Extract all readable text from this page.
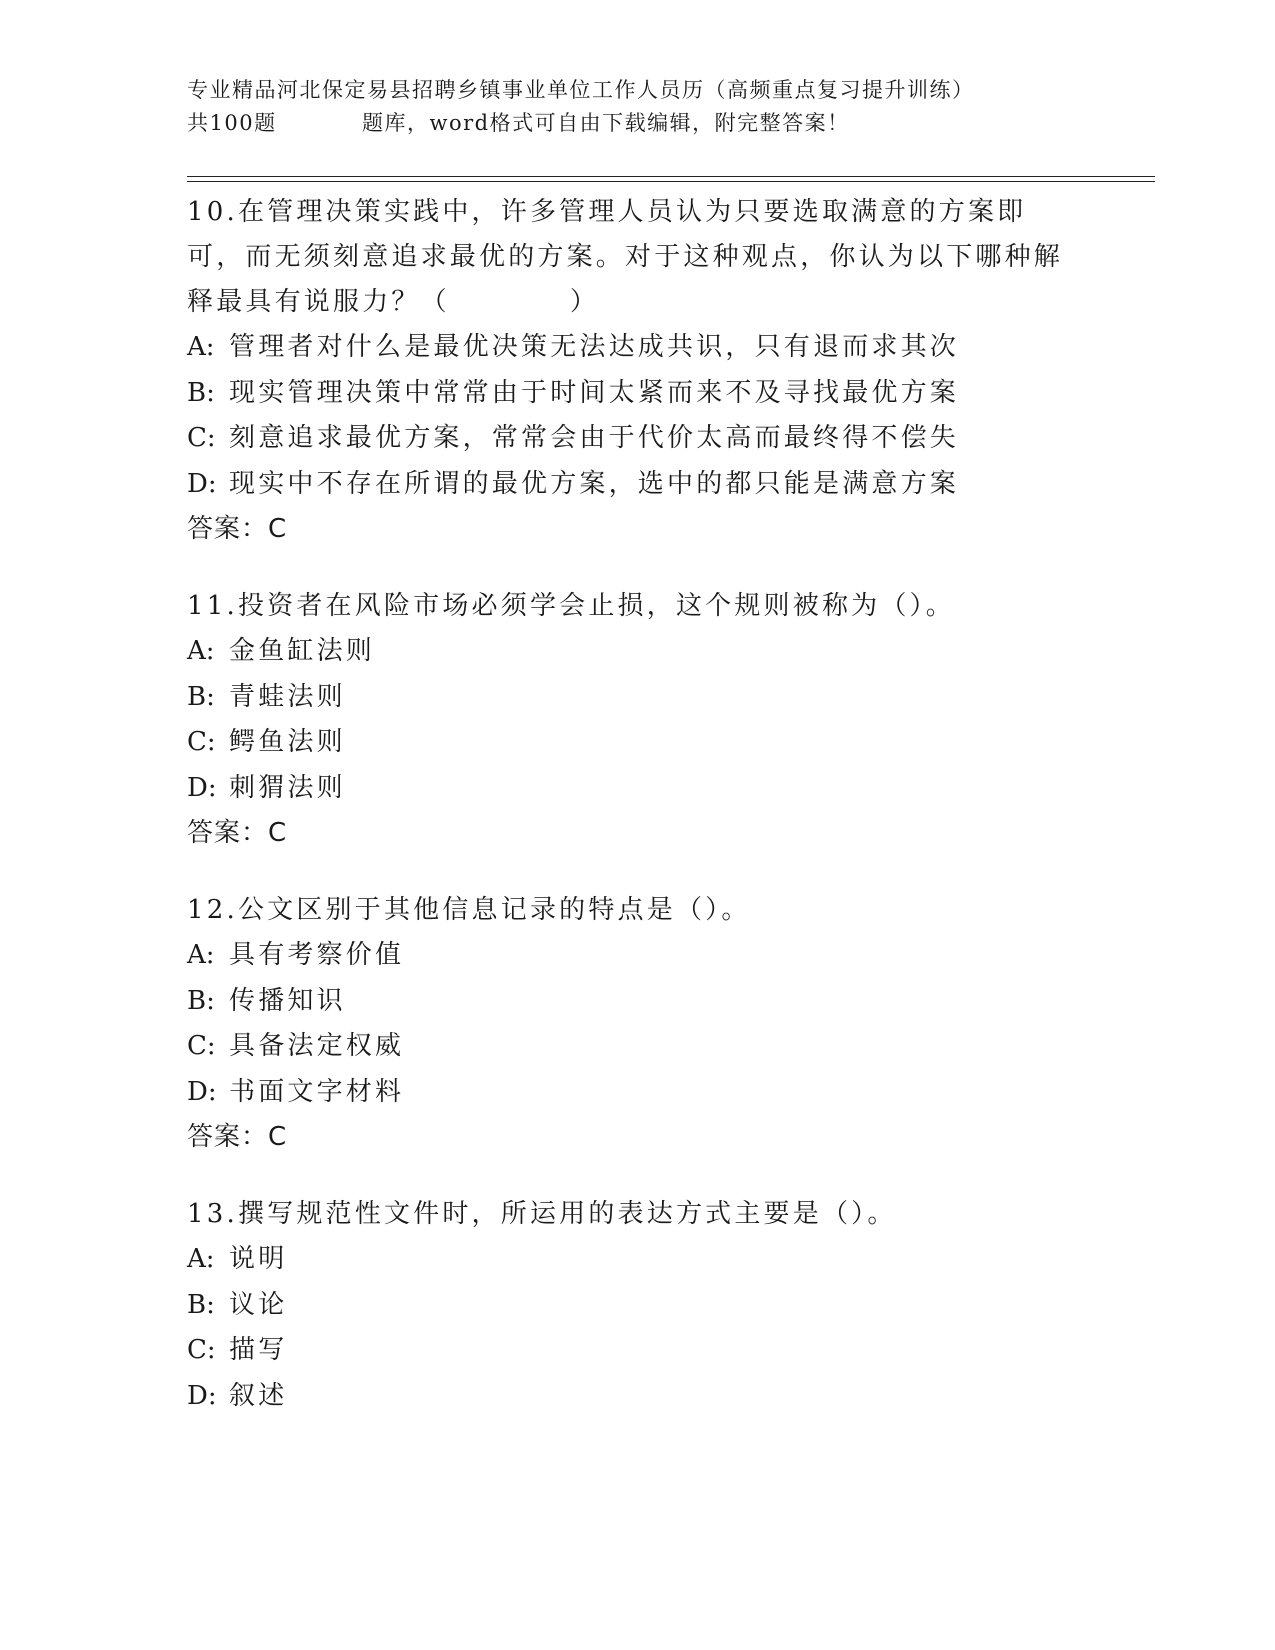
专业精品河北保定易县招聘乡镇事业单位工作人员历（高频重点复习提升训练）
共100题	题库，word格式可自由下载编辑，附完整答案！

10.在管理决策实践中，许多管理人员认为只要选取满意的方案即可，而无须刻意追求最优的方案。对于这种观点，你认为以下哪种解释最具有说服力？（	）

A: 管理者对什么是最优决策无法达成共识，只有退而求其次
B: 现实管理决策中常常由于时间太紧而来不及寻找最优方案
C: 刻意追求最优方案，常常会由于代价太高而最终得不偿失
D: 现实中不存在所谓的最优方案，选中的都只能是满意方案

答案：C

11.投资者在风险市场必须学会止损，这个规则被称为（）。

A: 金鱼缸法则
B: 青蛙法则
C: 鳄鱼法则
D: 刺猬法则

答案：C

12.公文区别于其他信息记录的特点是（）。

A: 具有考察价值
B: 传播知识
C: 具备法定权威
D: 书面文字材料

答案：C

13.撰写规范性文件时，所运用的表达方式主要是（）。

A: 说明
B: 议论
C: 描写
D: 叙述
